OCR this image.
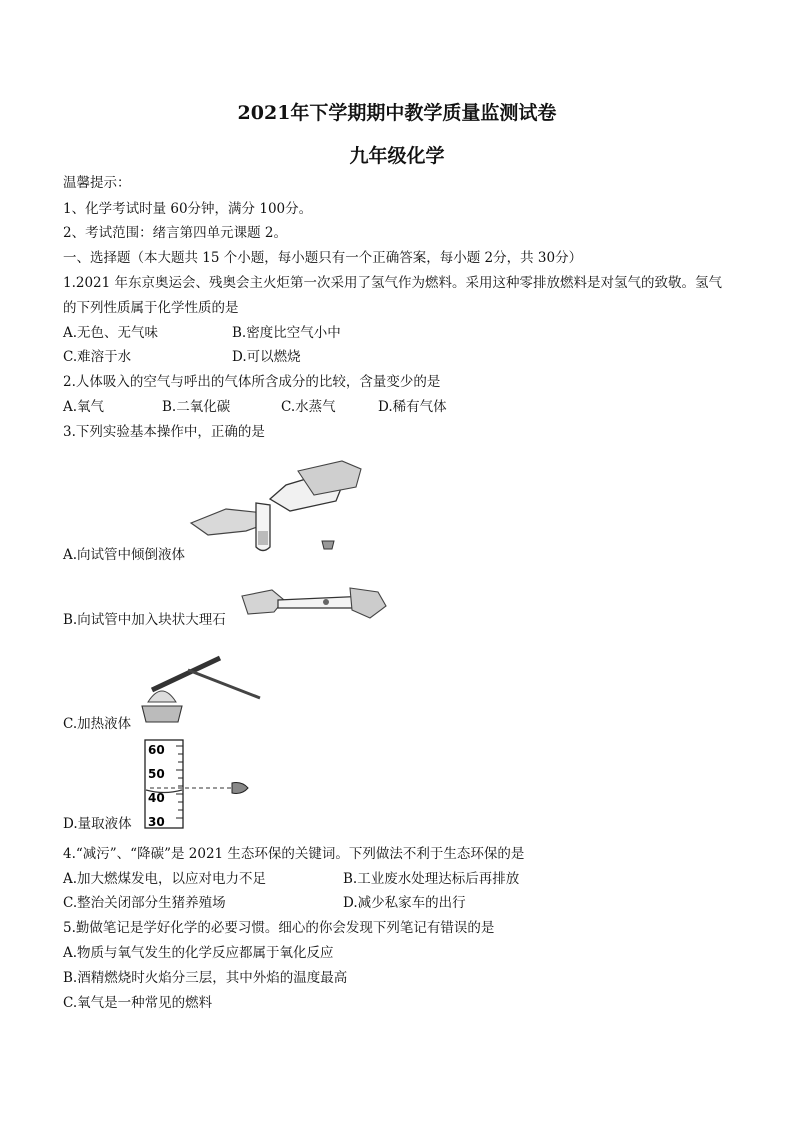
2021年下学期期中教学质量监测试卷
九年级化学
温馨提示：
1、化学考试时量 60分钟，满分 100分。
2、考试范围：绪言第四单元课题 2。
一、选择题（本大题共 15 个小题，每小题只有一个正确答案，每小题 2分，共 30分）
1.2021 年东京奥运会、残奥会主火炬第一次采用了氢气作为燃料。采用这种零排放燃料是对氢气的致敬。氢气
的下列性质属于化学性质的是
A.无色、无气味	B.密度比空气小中
C.难溶于水	D.可以燃烧
2.人体吸入的空气与呼出的气体所含成分的比较，含量变少的是
A.氧气	B.二氧化碳	C.水蒸气	D.稀有气体
3.下列实验基本操作中，正确的是
A.向试管中倾倒液体
B.向试管中加入块状大理石
C.加热液体
60
50
40
30
D.量取液体
4.“减污”、“降碳”是 2021 生态环保的关键词。下列做法不利于生态环保的是
A.加大燃煤发电，以应对电力不足	B.工业废水处理达标后再排放
C.整治关闭部分生猪养殖场	D.减少私家车的出行
5.勤做笔记是学好化学的必要习惯。细心的你会发现下列笔记有错误的是
A.物质与氧气发生的化学反应都属于氧化反应
B.酒精燃烧时火焰分三层，其中外焰的温度最高
C.氧气是一种常见的燃料
